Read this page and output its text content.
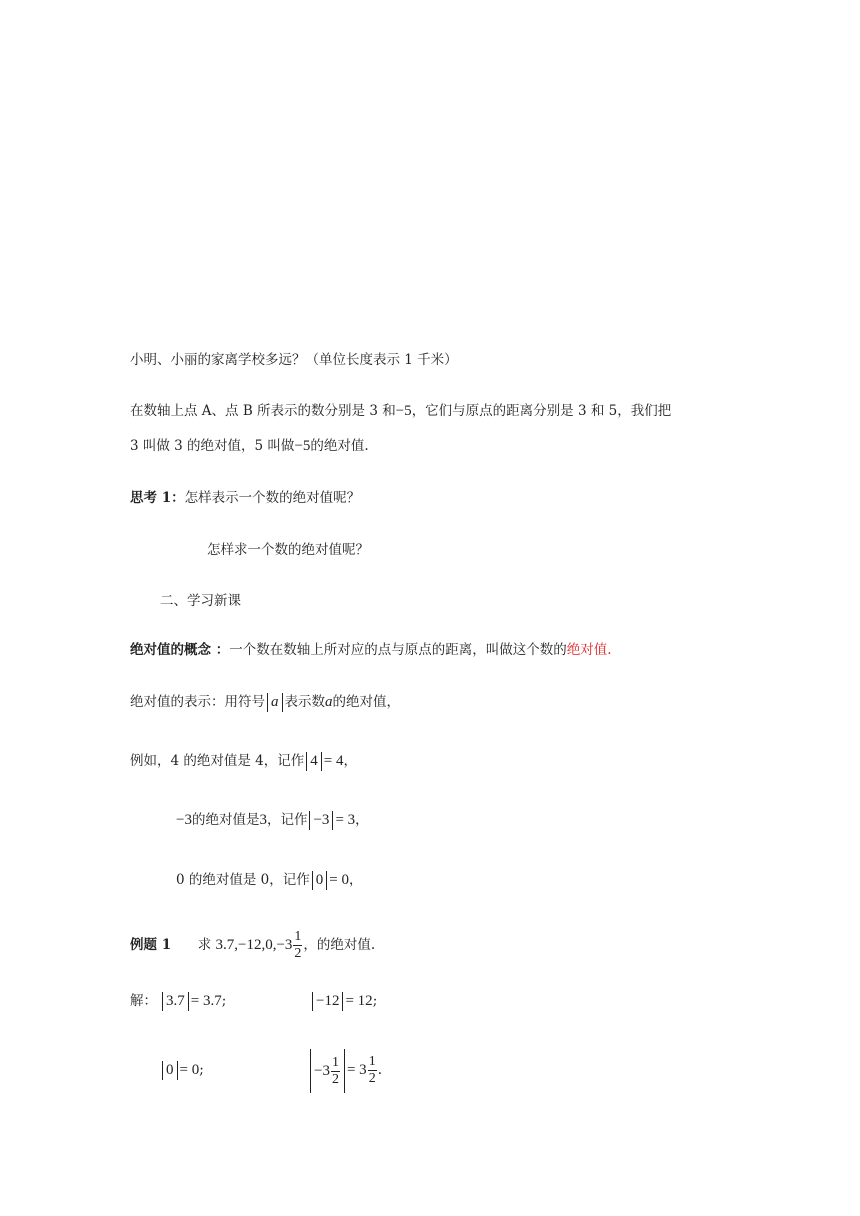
小明、小丽的家离学校多远？（单位长度表示 1 千米）
在数轴上点 A、点 B 所表示的数分别是 3 和−5，它们与原点的距离分别是 3 和 5，我们把
3 叫做 3 的绝对值，5 叫做−5的绝对值.
思考 1：怎样表示一个数的绝对值呢？
怎样求一个数的绝对值呢？
二、学习新课
绝对值的概念 ：一个数在数轴上所对应的点与原点的距离，叫做这个数的绝对值.
绝对值的表示：用符号 a 表示数a的绝对值，
例如，4 的绝对值是 4，记作 4 = 4，
−3的绝对值是3，记作 −3 = 3，
0 的绝对值是 0，记作 0 = 0，
例题 1 求 $3.7,-12,0,-3 \frac{1}{2}$ ，的绝对值.
解： 3.7 = 3.7;	−12 = 12;
0 = 0;	$-3 \frac{1}{2} = 3 \frac{1}{2}$ .
